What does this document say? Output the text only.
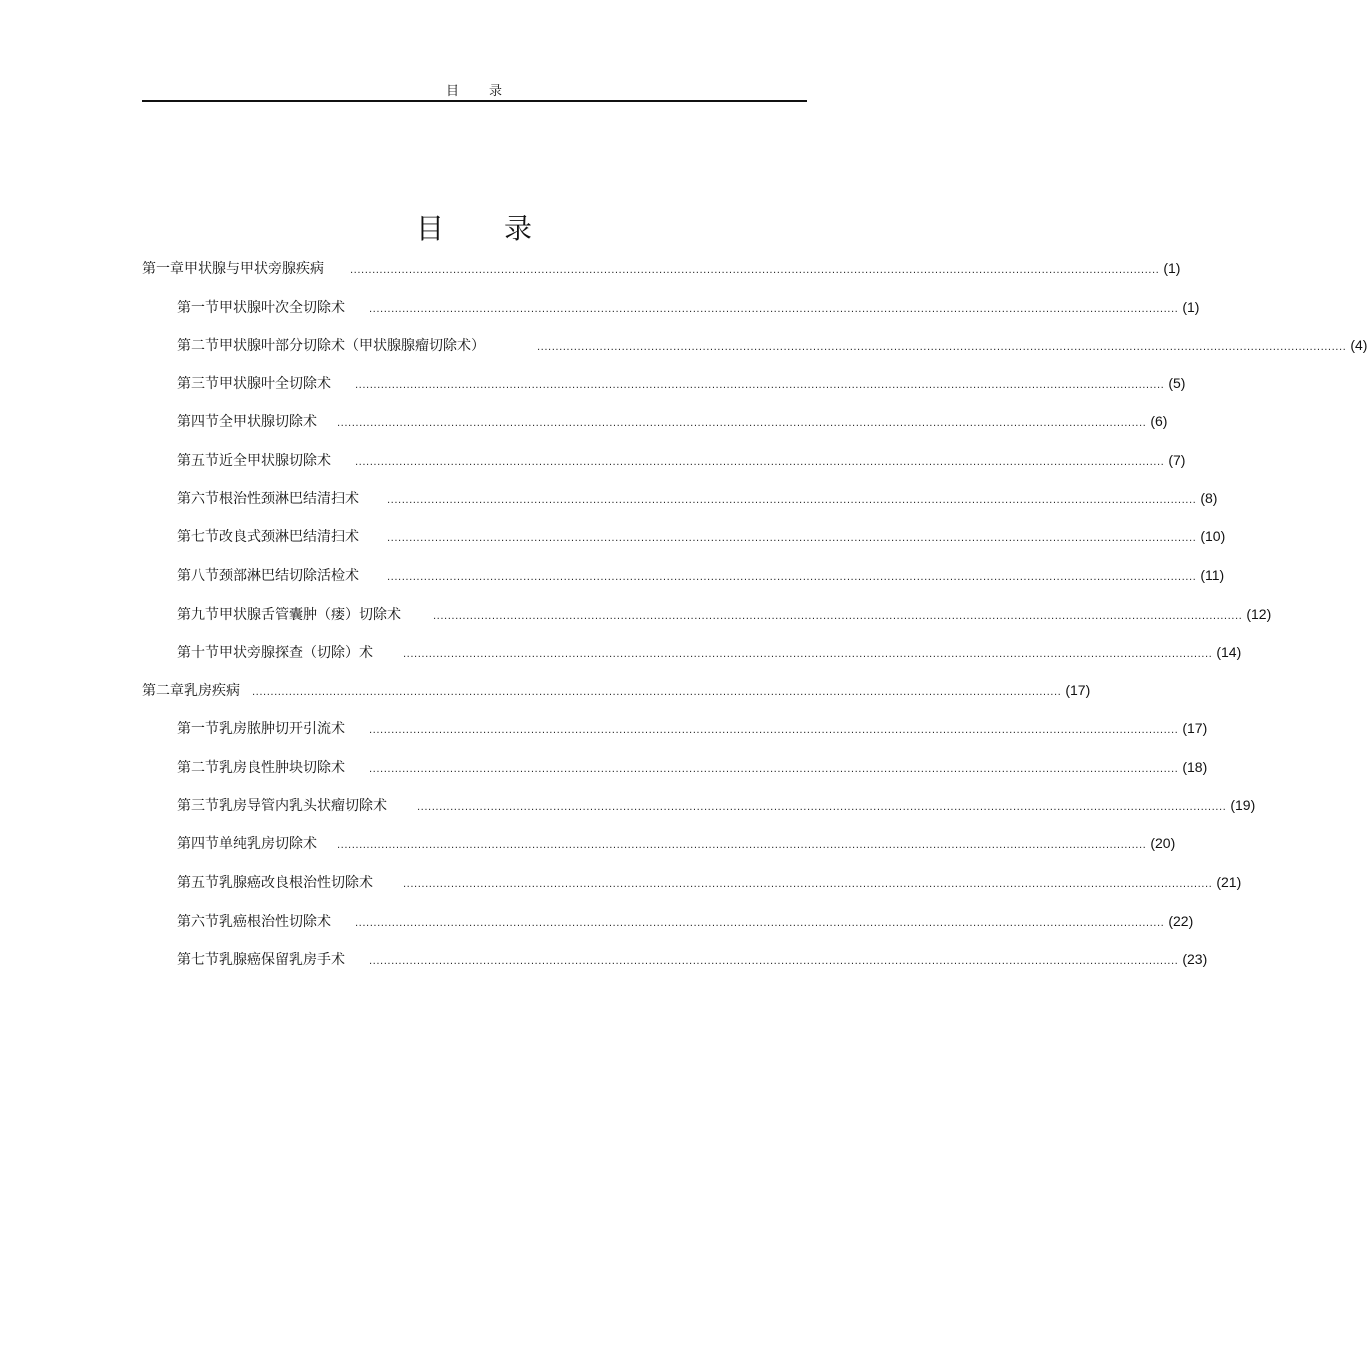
目录
目录
第一章 甲状腺与甲状旁腺疾病	............................................................................................................................................................................................................................ (1)
第一节 甲状腺叶次全切除术 ............................................................................................................................................................................................................................ (1)
第二节 甲状腺叶部分切除术（甲状腺腺瘤切除术）	............................................................................................................................................................................................................................ (4)
第三节 甲状腺叶全切除术 ............................................................................................................................................................................................................................ (5)
第四节 全甲状腺切除术 ............................................................................................................................................................................................................................ (6)
第五节 近全甲状腺切除术 ............................................................................................................................................................................................................................ (7)
第六节 根治性颈淋巴结清扫术	............................................................................................................................................................................................................................ (8)
第七节 改良式颈淋巴结清扫术	............................................................................................................................................................................................................................ (10)
第八节 颈部淋巴结切除活检术	............................................................................................................................................................................................................................ (11)
第九节 甲状腺舌管囊肿（瘘）切除术	............................................................................................................................................................................................................................ (12)
第十节 甲状旁腺探查（切除）术	............................................................................................................................................................................................................................ (14)
第二章 乳房疾病 ............................................................................................................................................................................................................................ (17)
第一节 乳房脓肿切开引流术 ............................................................................................................................................................................................................................ (17)
第二节 乳房良性肿块切除术 ............................................................................................................................................................................................................................ (18)
第三节 乳房导管内乳头状瘤切除术	............................................................................................................................................................................................................................ (19)
第四节 单纯乳房切除术 ............................................................................................................................................................................................................................ (20)
第五节 乳腺癌改良根治性切除术	............................................................................................................................................................................................................................ (21)
第六节 乳癌根治性切除术 ............................................................................................................................................................................................................................ (22)
第七节 乳腺癌保留乳房手术 ............................................................................................................................................................................................................................ (23)
